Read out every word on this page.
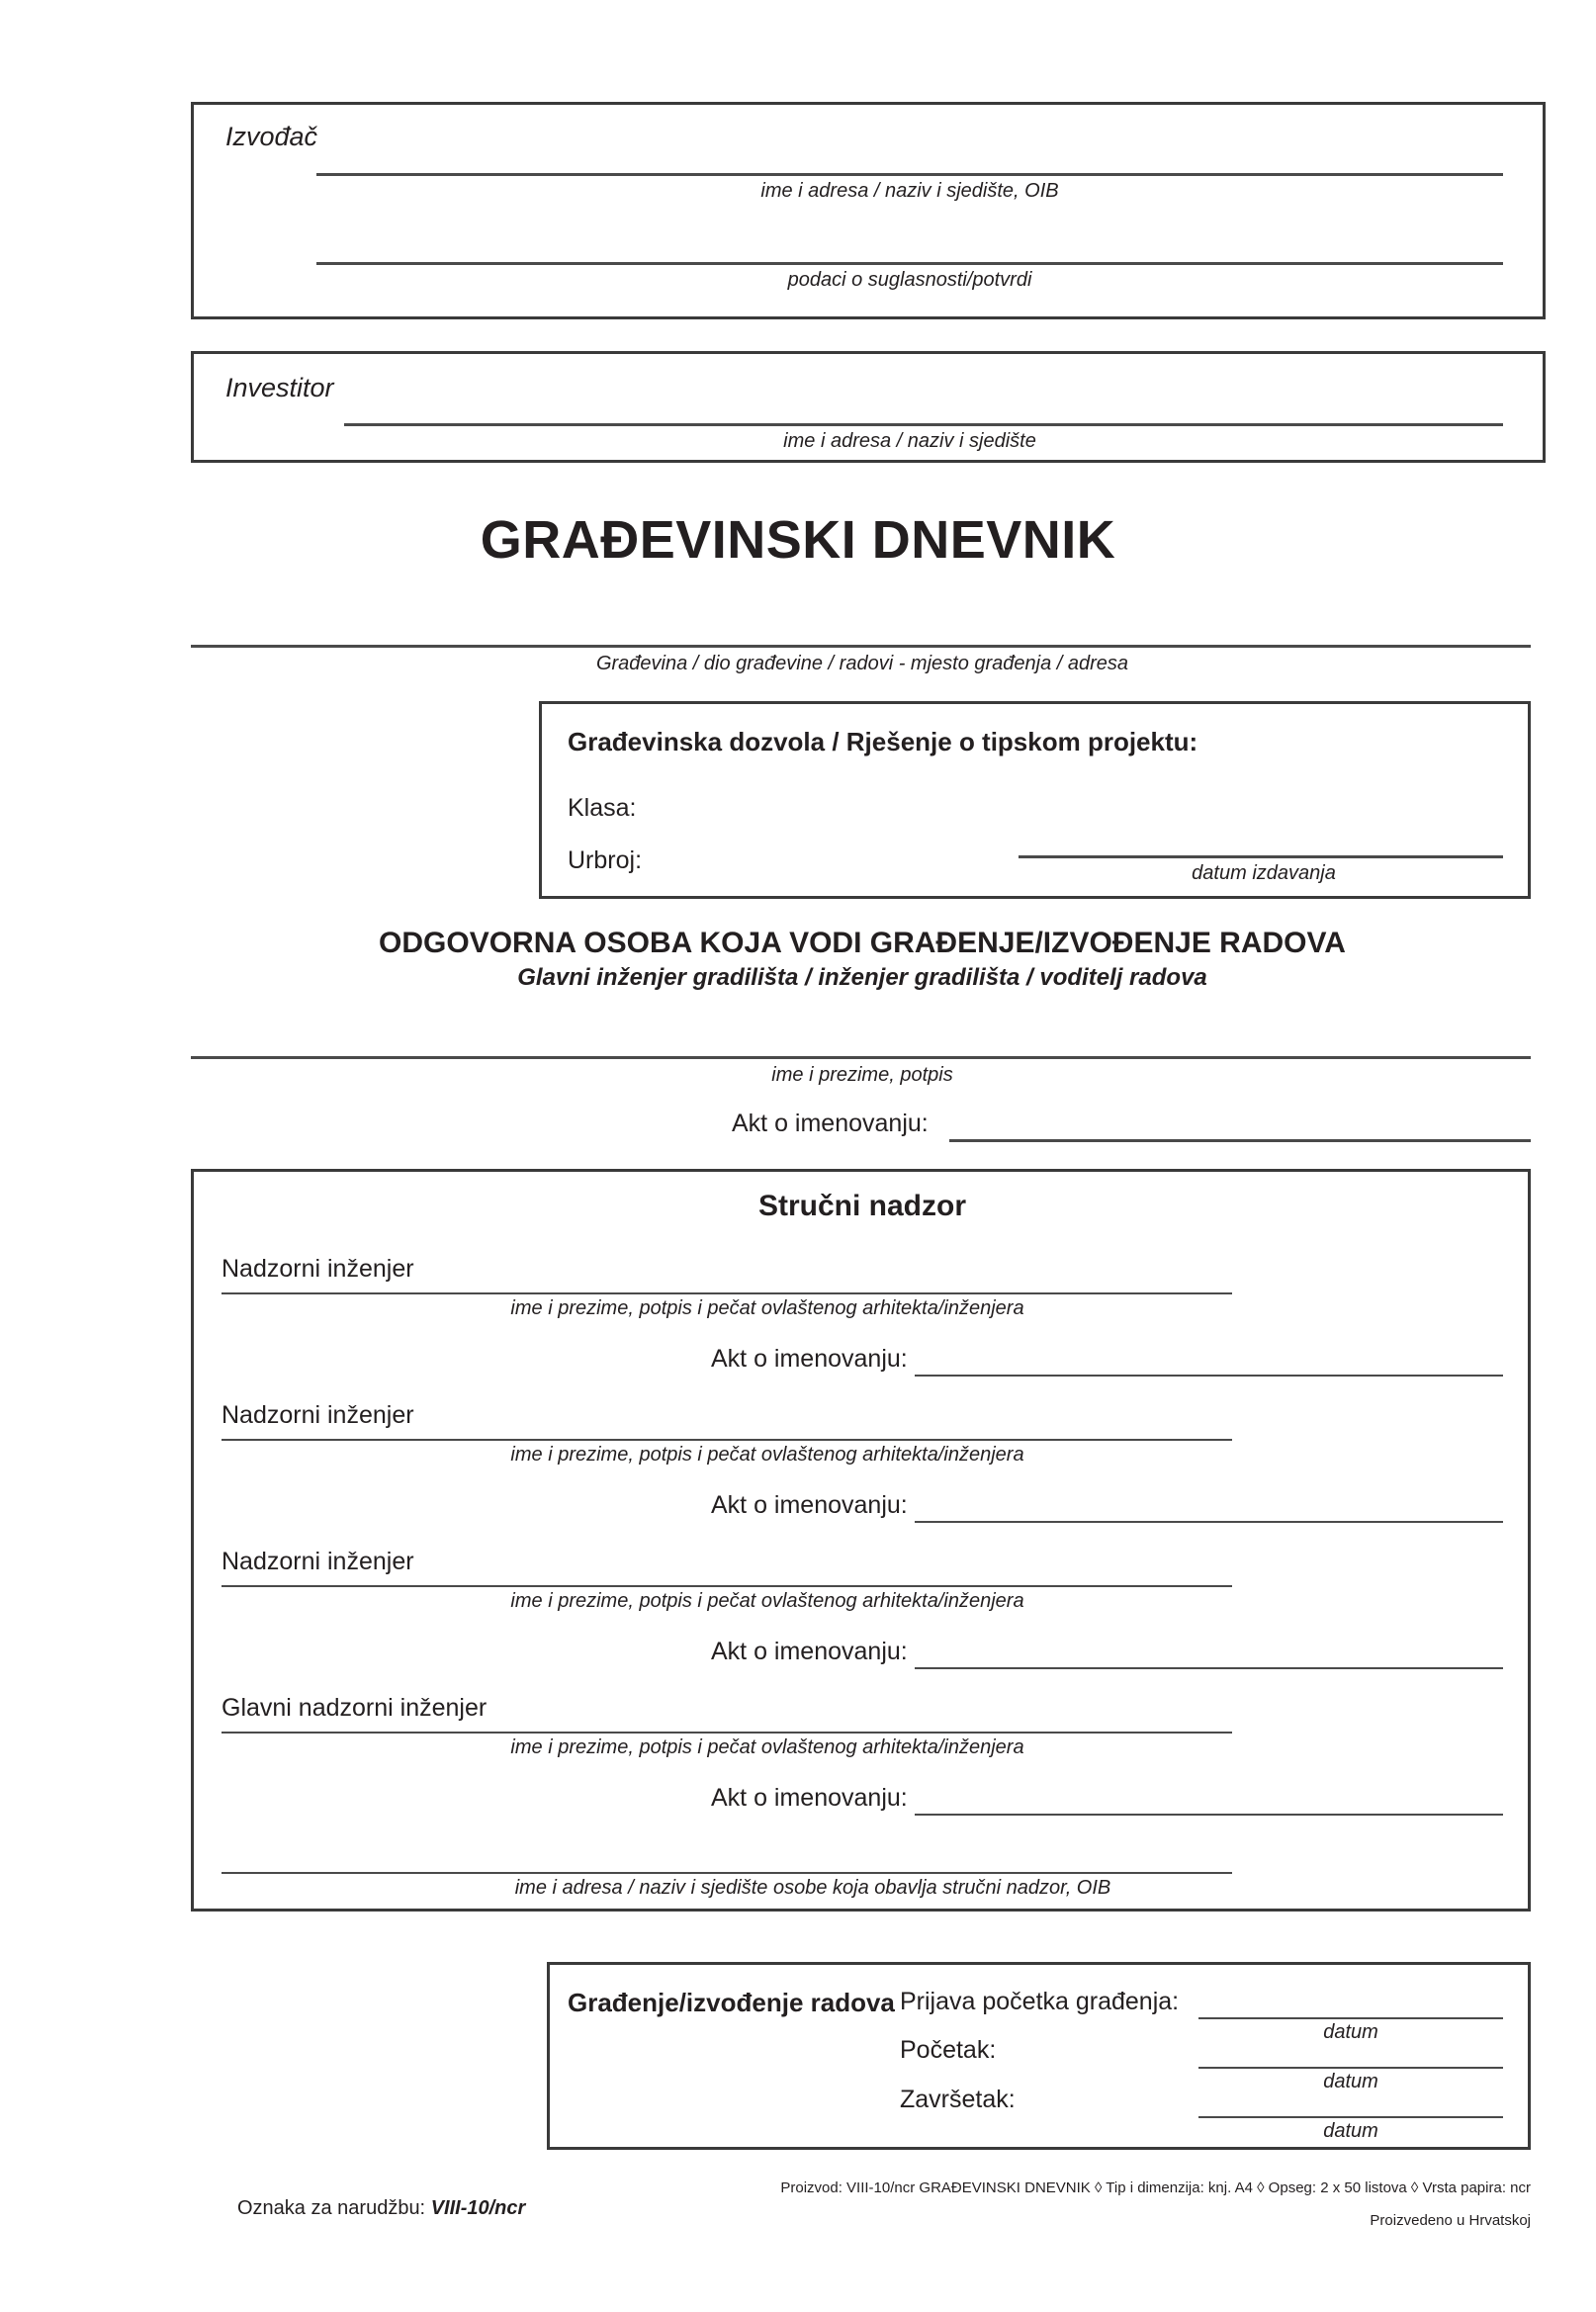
Izvođač
ime i adresa / naziv i sjedište, OIB
podaci o suglasnosti/potvrdi
Investitor
ime i adresa / naziv i sjedište
GRAĐEVINSKI DNEVNIK
Građevina / dio građevine / radovi - mjesto građenja / adresa
Građevinska dozvola / Rješenje o tipskom projektu:
Klasa:
Urbroj:	datum izdavanja
ODGOVORNA OSOBA KOJA VODI GRAĐENJE/IZVOĐENJE RADOVA
Glavni inženjer gradilišta / inženjer gradilišta / voditelj radova
ime i prezime, potpis
Akt o imenovanju:
Stručni nadzor
Nadzorni inženjer
ime i prezime, potpis i pečat ovlaštenog arhitekta/inženjera
Akt o imenovanju:
Nadzorni inženjer
ime i prezime, potpis i pečat ovlaštenog arhitekta/inženjera
Akt o imenovanju:
Nadzorni inženjer
ime i prezime, potpis i pečat ovlaštenog arhitekta/inženjera
Akt o imenovanju:
Glavni nadzorni inženjer
ime i prezime, potpis i pečat ovlaštenog arhitekta/inženjera
Akt o imenovanju:
ime i adresa / naziv i sjedište osobe koja obavlja stručni nadzor, OIB
Građenje/izvođenje radova Prijava početka građenja:
datum
Početak:
datum
Završetak:
datum
Proizvod: VIII-10/ncr GRAĐEVINSKI DNEVNIK ◊ Tip i dimenzija: knj. A4 ◊ Opseg: 2 x 50 listova ◊ Vrsta papira: ncr
Proizvedeno u Hrvatskoj
Oznaka za narudžbu: VIII-10/ncr
